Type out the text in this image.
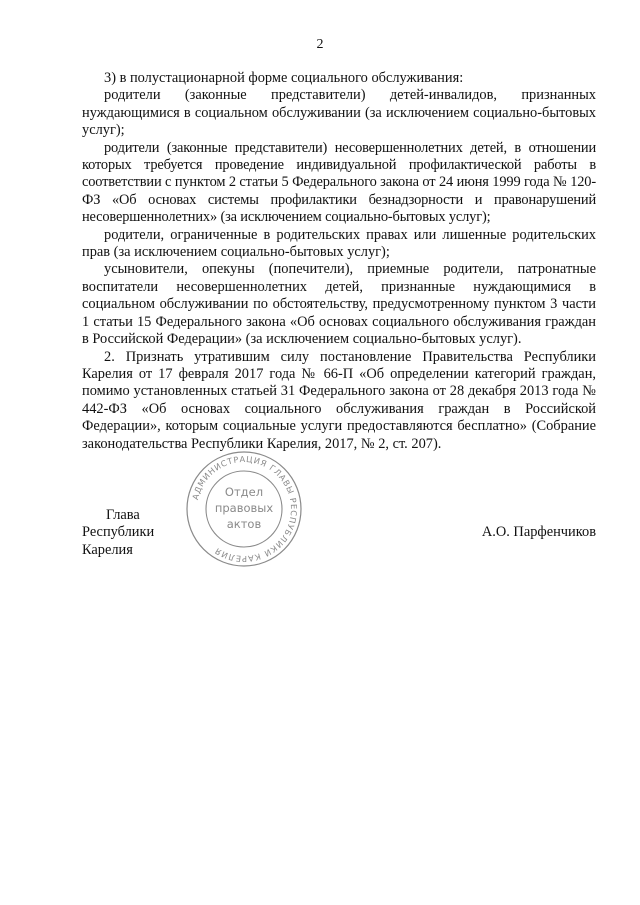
2

3) в полустационарной форме социального обслуживания:

родители (законные представители) детей-инвалидов, признанных нуждающимися в социальном обслуживании (за исключением социально-бытовых услуг);

родители (законные представители) несовершеннолетних детей, в отношении которых требуется проведение индивидуальной профилактической работы в соответствии с пунктом 2 статьи 5 Федерального закона от 24 июня 1999 года № 120-ФЗ «Об основах системы профилактики безнадзорности и правонарушений несовершеннолетних» (за исключением социально-бытовых услуг);

родители, ограниченные в родительских правах или лишенные родительских прав (за исключением социально-бытовых услуг);

усыновители, опекуны (попечители), приемные родители, патронатные воспитатели несовершеннолетних детей, признанные нуждающимися в социальном обслуживании по обстоятельству, предусмотренному пунктом 3 части 1 статьи 15 Федерального закона «Об основах социального обслуживания граждан в Российской Федерации» (за исключением социально-бытовых услуг).

2. Признать утратившим силу постановление Правительства Республики Карелия от 17 февраля 2017 года № 66-П «Об определении категорий граждан, помимо установленных статьей 31 Федерального закона от 28 декабря 2013 года № 442-ФЗ «Об основах социального обслуживания граждан в Российской Федерации», которым социальные услуги предоставляются бесплатно» (Собрание законодательства Республики Карелия, 2017, № 2, ст. 207).

Глава
Республики Карелия
А.О. Парфенчиков
АДМИНИСТРАЦИЯ ГЛАВЫ РЕСПУБЛИКИ КАРЕЛИЯ
Отдел
правовых
актов
